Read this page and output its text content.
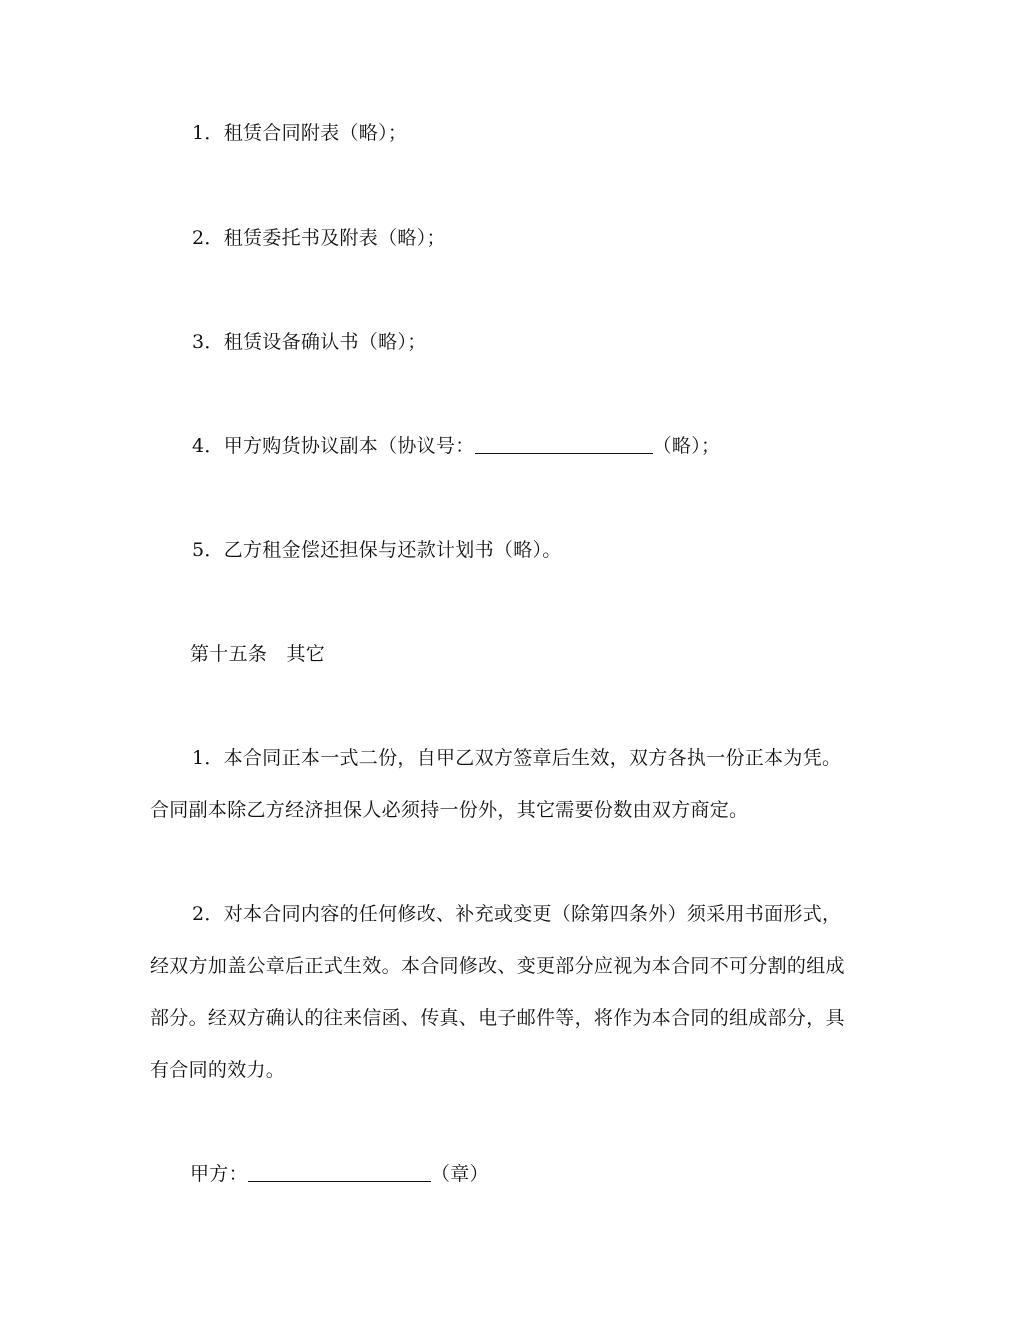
1．租赁合同附表（略）；

2．租赁委托书及附表（略）；

3．租赁设备确认书（略）；

4．甲方购货协议副本（协议号：	（略）；

5．乙方租金偿还担保与还款计划书（略）。

第十五条　其它

1．本合同正本一式二份，自甲乙双方签章后生效，双方各执一份正本为凭。

合同副本除乙方经济担保人必须持一份外，其它需要份数由双方商定。

2．对本合同内容的任何修改、补充或变更（除第四条外）须采用书面形式，

经双方加盖公章后正式生效。本合同修改、变更部分应视为本合同不可分割的组成

部分。经双方确认的往来信函、传真、电子邮件等，将作为本合同的组成部分，具

有合同的效力。

甲方：	（章）
